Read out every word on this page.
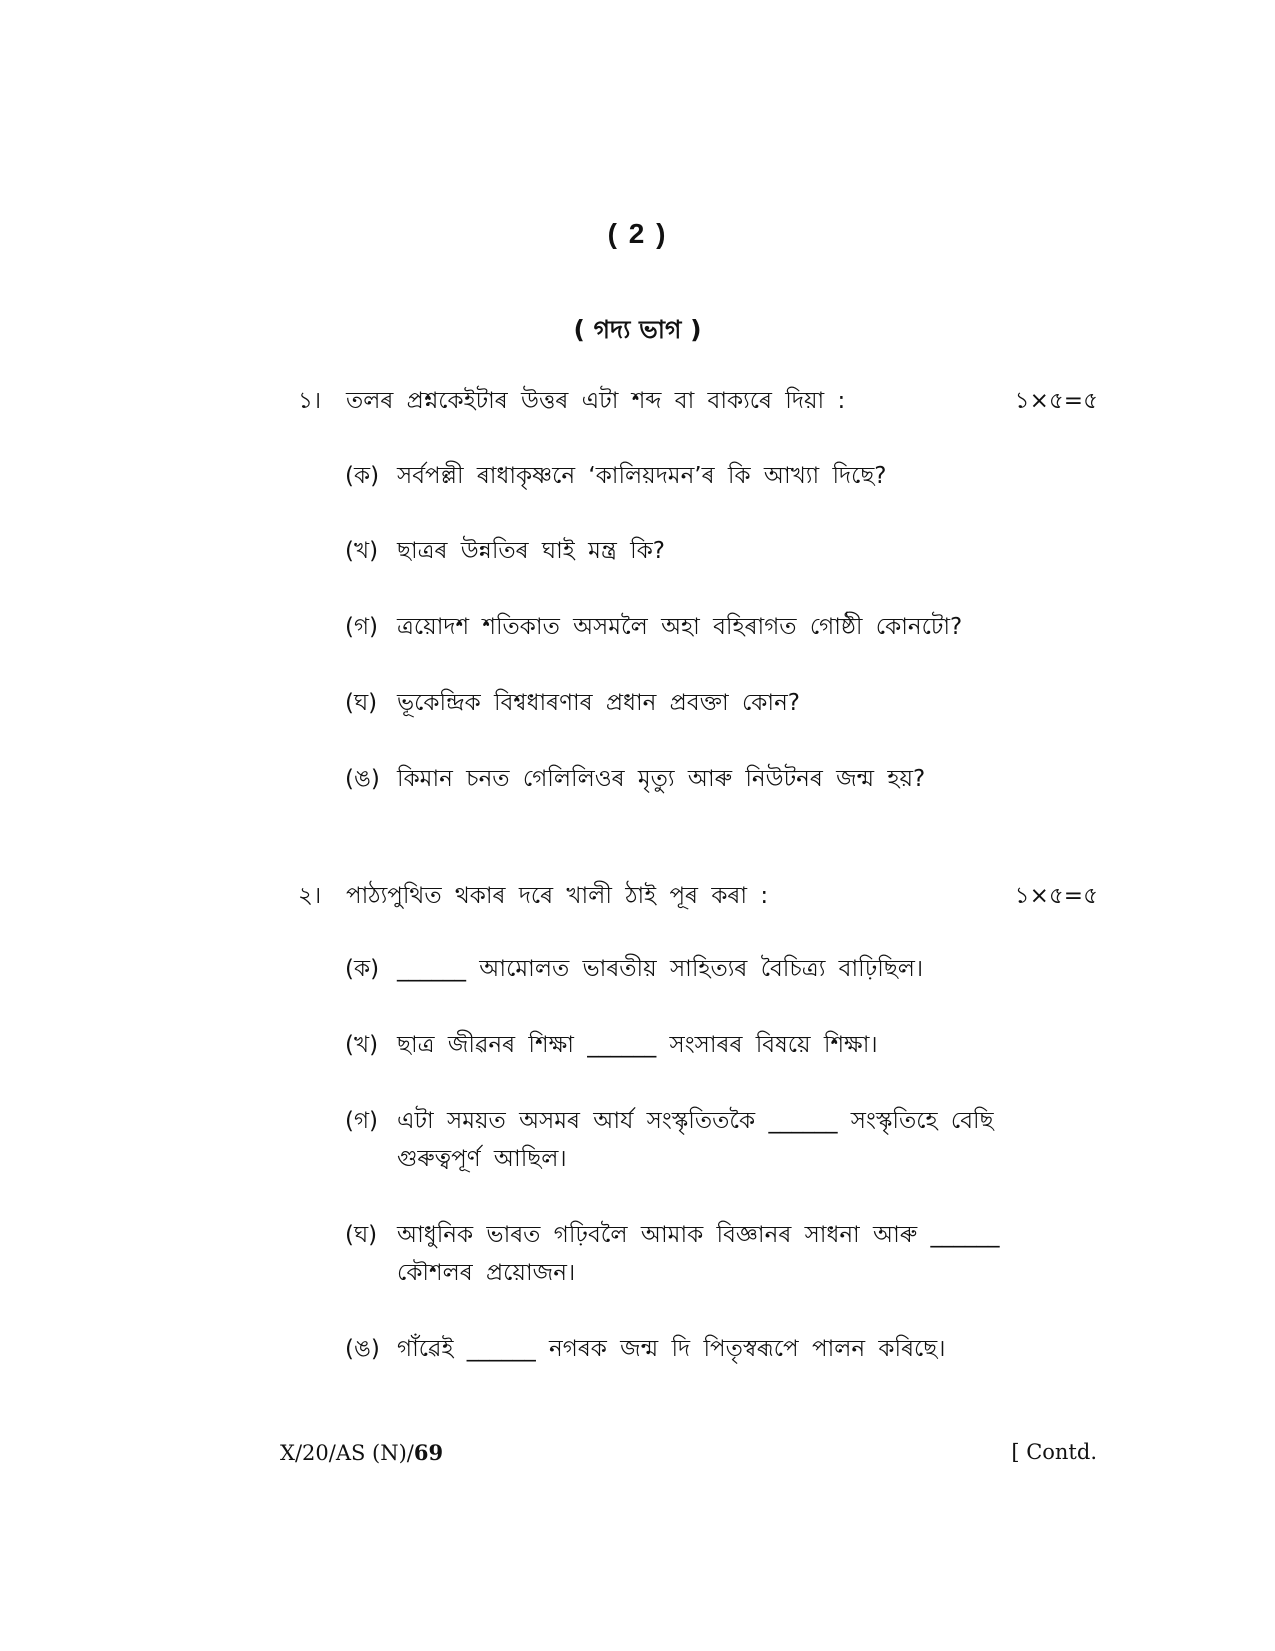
( 2 )
( গদ্য ভাগ )
১। তলৰ প্ৰশ্নকেইটাৰ উত্তৰ এটা শব্দ বা বাক্যৰে দিয়া :	১×৫=৫
(ক) সৰ্বপল্লী ৰাধাকৃষ্ণনে ‘কালিয়দমন’ৰ কি আখ্যা দিছে?
(খ) ছাত্ৰৰ উন্নতিৰ ঘাই মন্ত্ৰ কি?
(গ) ত্ৰয়োদশ শতিকাত অসমলৈ অহা বহিৰাগত গোষ্ঠী কোনটো?
(ঘ) ভূকেন্দ্ৰিক বিশ্বধাৰণাৰ প্ৰধান প্ৰবক্তা কোন?
(ঙ) কিমান চনত গেলিলিওৰ মৃত্যু আৰু নিউটনৰ জন্ম হয়?
২। পাঠ্যপুথিত থকাৰ দৰে খালী ঠাই পূৰ কৰা :	১×৫=৫
(ক) ______ আমোলত ভাৰতীয় সাহিত্যৰ বৈচিত্ৰ্য বাঢ়িছিল।
(খ) ছাত্ৰ জীৱনৰ শিক্ষা ______ সংসাৰৰ বিষয়ে শিক্ষা।
(গ) এটা সময়ত অসমৰ আৰ্য সংস্কৃতিতকৈ ______ সংস্কৃতিহে বেছি গুৰুত্বপূৰ্ণ আছিল।
(ঘ) আধুনিক ভাৰত গঢ়িবলৈ আমাক বিজ্ঞানৰ সাধনা আৰু ______ কৌশলৰ প্ৰয়োজন।
(ঙ) গাঁৱেই ______ নগৰক জন্ম দি পিতৃস্বৰূপে পালন কৰিছে।
X/20/AS (N)/69	[ Contd.
